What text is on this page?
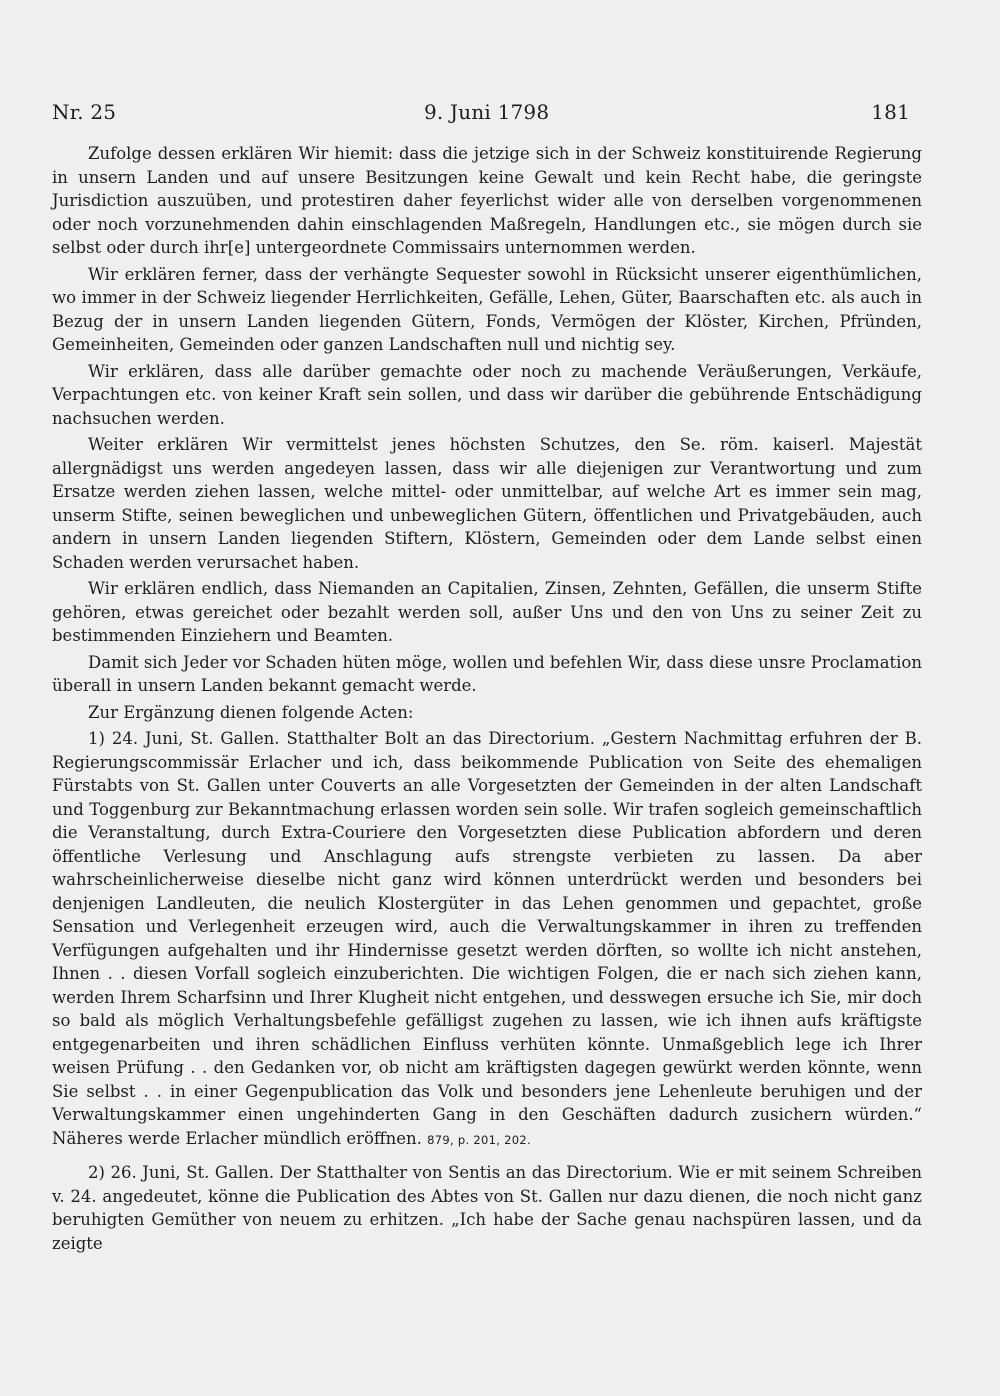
Nr. 25	9. Juni 1798	181

Zufolge dessen erklären Wir hiemit: dass die jetzige sich in der Schweiz konstituirende Regierung in unsern Landen und auf unsere Besitzungen keine Gewalt und kein Recht habe, die geringste Jurisdiction auszuüben, und protestiren daher feyerlichst wider alle von derselben vorgenommenen oder noch vorzunehmenden dahin einschlagenden Maßregeln, Handlungen etc., sie mögen durch sie selbst oder durch ihr[e] untergeordnete Commissairs unternommen werden.

Wir erklären ferner, dass der verhängte Sequester sowohl in Rücksicht unserer eigenthümlichen, wo immer in der Schweiz liegender Herrlichkeiten, Gefälle, Lehen, Güter, Baarschaften etc. als auch in Bezug der in unsern Landen liegenden Gütern, Fonds, Vermögen der Klöster, Kirchen, Pfründen, Gemeinheiten, Gemeinden oder ganzen Landschaften null und nichtig sey.

Wir erklären, dass alle darüber gemachte oder noch zu machende Veräußerungen, Verkäufe, Verpachtungen etc. von keiner Kraft sein sollen, und dass wir darüber die gebührende Entschädigung nachsuchen werden.

Weiter erklären Wir vermittelst jenes höchsten Schutzes, den Se. röm. kaiserl. Majestät allergnädigst uns werden angedeyen lassen, dass wir alle diejenigen zur Verantwortung und zum Ersatze werden ziehen lassen, welche mittel- oder unmittelbar, auf welche Art es immer sein mag, unserm Stifte, seinen beweglichen und unbeweglichen Gütern, öffentlichen und Privatgebäuden, auch andern in unsern Landen liegenden Stiftern, Klöstern, Gemeinden oder dem Lande selbst einen Schaden werden verursachet haben.

Wir erklären endlich, dass Niemanden an Capitalien, Zinsen, Zehnten, Gefällen, die unserm Stifte gehören, etwas gereichet oder bezahlt werden soll, außer Uns und den von Uns zu seiner Zeit zu bestimmenden Einziehern und Beamten.

Damit sich Jeder vor Schaden hüten möge, wollen und befehlen Wir, dass diese unsre Proclamation überall in unsern Landen bekannt gemacht werde.

Zur Ergänzung dienen folgende Acten:

1) 24. Juni, St. Gallen. Statthalter Bolt an das Directorium. „Gestern Nachmittag erfuhren der B. Regierungscommissär Erlacher und ich, dass beikommende Publication von Seite des ehemaligen Fürstabts von St. Gallen unter Couverts an alle Vorgesetzten der Gemeinden in der alten Landschaft und Toggenburg zur Bekanntmachung erlassen worden sein solle. Wir trafen sogleich gemeinschaftlich die Veranstaltung, durch Extra-Couriere den Vorgesetzten diese Publication abfordern und deren öffentliche Verlesung und Anschlagung aufs strengste verbieten zu lassen. Da aber wahrscheinlicherweise dieselbe nicht ganz wird können unterdrückt werden und besonders bei denjenigen Landleuten, die neulich Klostergüter in das Lehen genommen und gepachtet, große Sensation und Verlegenheit erzeugen wird, auch die Verwaltungskammer in ihren zu treffenden Verfügungen aufgehalten und ihr Hindernisse gesetzt werden dörften, so wollte ich nicht anstehen, Ihnen . . diesen Vorfall sogleich einzuberichten. Die wichtigen Folgen, die er nach sich ziehen kann, werden Ihrem Scharfsinn und Ihrer Klugheit nicht entgehen, und desswegen ersuche ich Sie, mir doch so bald als möglich Verhaltungsbefehle gefälligst zugehen zu lassen, wie ich ihnen aufs kräftigste entgegenarbeiten und ihren schädlichen Einfluss verhüten könnte. Unmaßgeblich lege ich Ihrer weisen Prüfung . . den Gedanken vor, ob nicht am kräftigsten dagegen gewürkt werden könnte, wenn Sie selbst . . in einer Gegenpublication das Volk und besonders jene Lehenleute beruhigen und der Verwaltungskammer einen ungehinderten Gang in den Geschäften dadurch zusichern würden.“ Näheres werde Erlacher mündlich eröffnen. 879, p. 201, 202.

2) 26. Juni, St. Gallen. Der Statthalter von Sentis an das Directorium. Wie er mit seinem Schreiben v. 24. angedeutet, könne die Publication des Abtes von St. Gallen nur dazu dienen, die noch nicht ganz beruhigten Gemüther von neuem zu erhitzen. „Ich habe der Sache genau nachspüren lassen, und da zeigte
